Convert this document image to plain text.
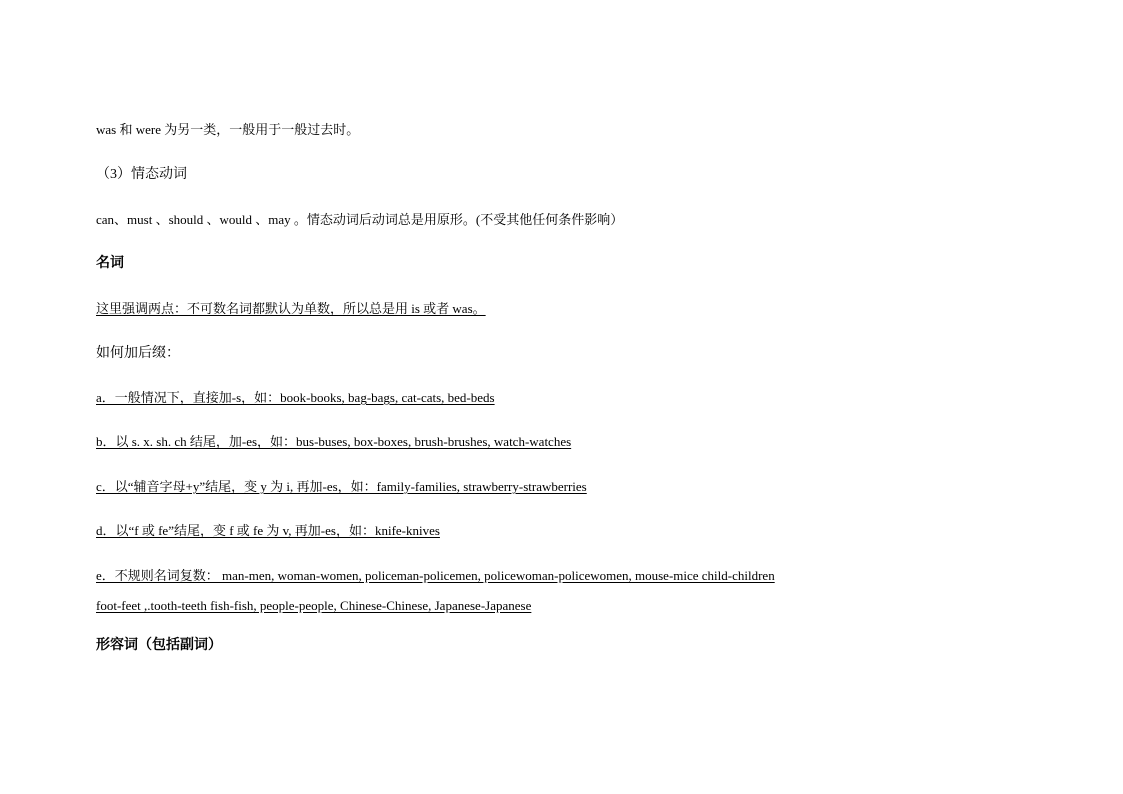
was 和 were 为另一类，一般用于一般过去时。
（3）情态动词
can、must 、should 、would 、may 。情态动词后动词总是用原形。(不受其他任何条件影响）
名词
这里强调两点：不可数名词都默认为单数，所以总是用 is 或者 was。
如何加后缀：
a．一般情况下，直接加-s，如：book-books, bag-bags, cat-cats, bed-beds
b．以 s. x. sh. ch 结尾，加-es，如：bus-buses, box-boxes, brush-brushes, watch-watches
c．以“辅音字母+y”结尾，变 y 为 i, 再加-es，如：family-families, strawberry-strawberries
d．以“f 或 fe”结尾，变 f 或 fe 为 v, 再加-es，如：knife-knives
e．不规则名词复数： man-men, woman-women, policeman-policemen, policewoman-policewomen, mouse-mice child-children
foot-feet ,.tooth-teeth fish-fish, people-people, Chinese-Chinese, Japanese-Japanese
形容词（包括副词）
